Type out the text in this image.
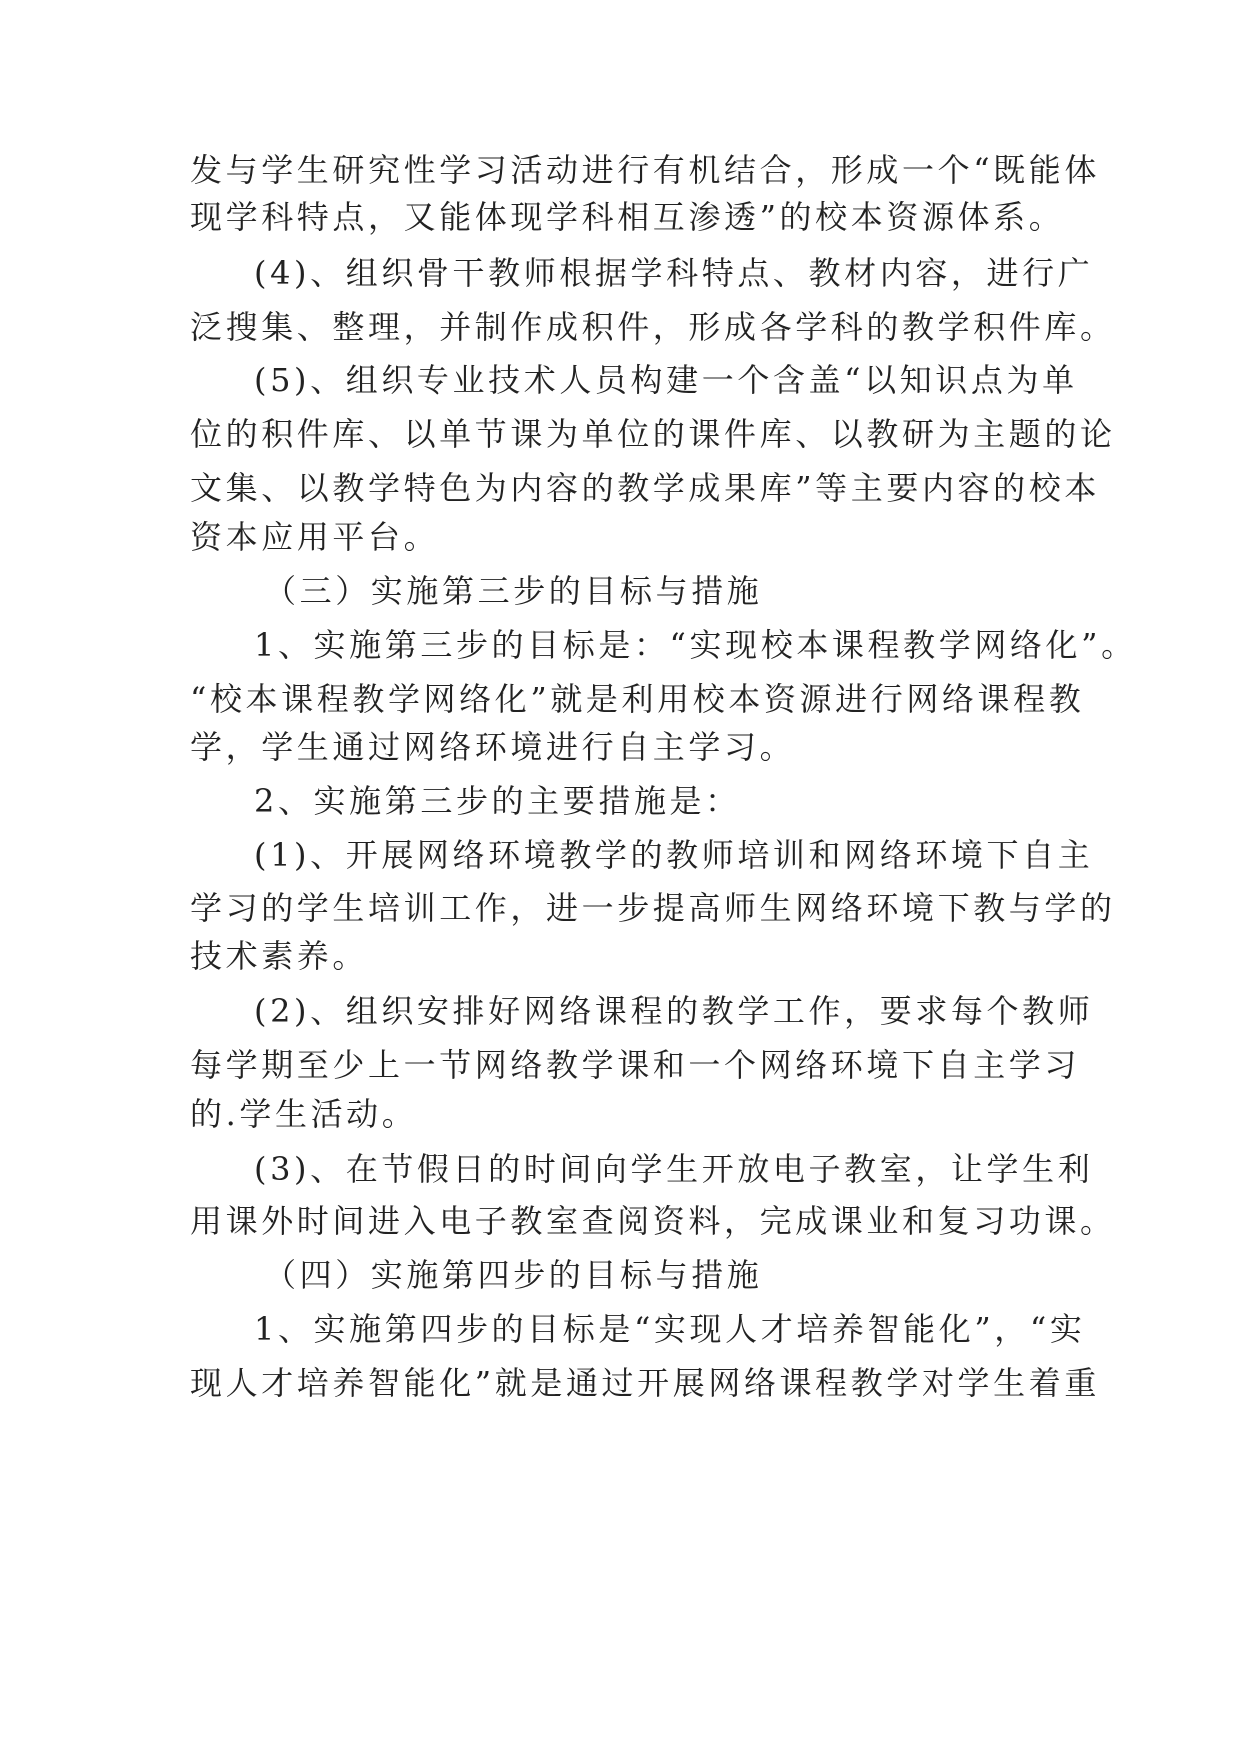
发与学生研究性学习活动进行有机结合，形成一个“既能体
现学科特点，又能体现学科相互渗透”的校本资源体系。
(4)、组织骨干教师根据学科特点、教材内容，进行广
泛搜集、整理，并制作成积件，形成各学科的教学积件库。
(5)、组织专业技术人员构建一个含盖“以知识点为单
位的积件库、以单节课为单位的课件库、以教研为主题的论
文集、以教学特色为内容的教学成果库”等主要内容的校本
资本应用平台。
（三）实施第三步的目标与措施
1、实施第三步的目标是：“实现校本课程教学网络化”。
“校本课程教学网络化”就是利用校本资源进行网络课程教
学，学生通过网络环境进行自主学习。
2、实施第三步的主要措施是：
(1)、开展网络环境教学的教师培训和网络环境下自主
学习的学生培训工作，进一步提高师生网络环境下教与学的
技术素养。
(2)、组织安排好网络课程的教学工作，要求每个教师
每学期至少上一节网络教学课和一个网络环境下自主学习
的.学生活动。
(3)、在节假日的时间向学生开放电子教室，让学生利
用课外时间进入电子教室查阅资料，完成课业和复习功课。
（四）实施第四步的目标与措施
1、实施第四步的目标是“实现人才培养智能化”，“实
现人才培养智能化”就是通过开展网络课程教学对学生着重
